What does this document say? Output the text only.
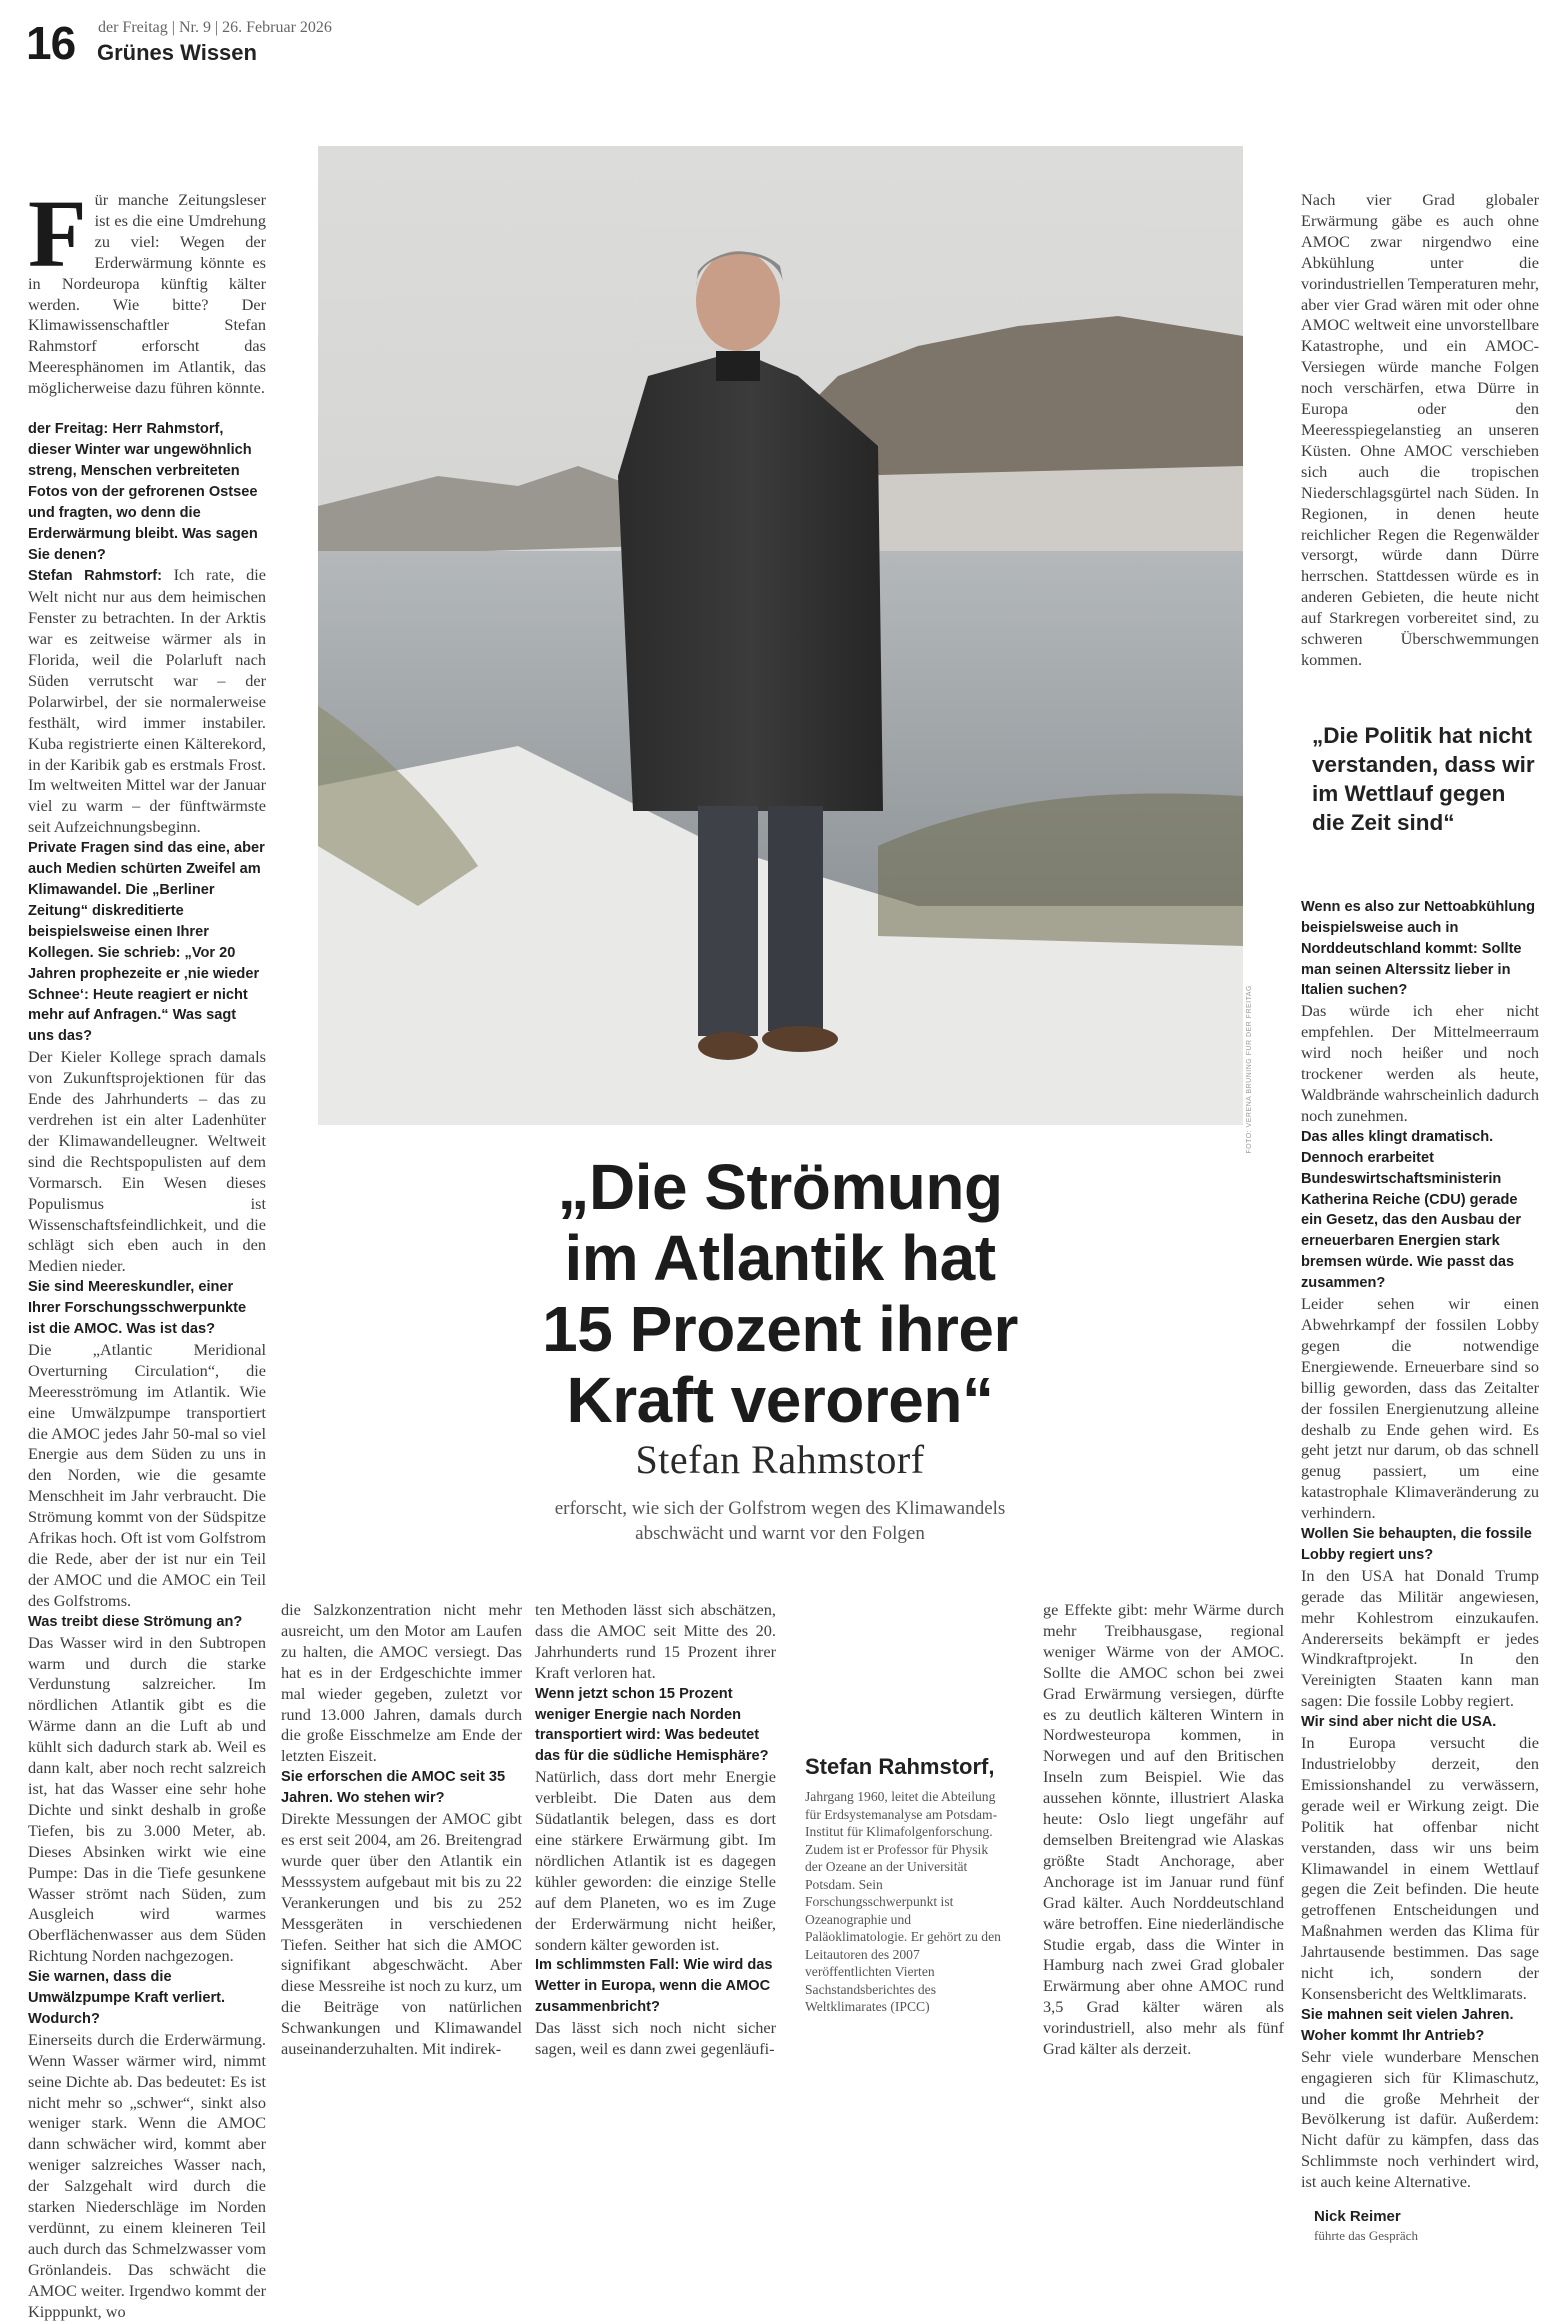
16 der Freitag | Nr. 9 | 26. Februar 2026
Grünes Wissen

Für manche Zeitungsleser ist es die eine Umdrehung zu viel: Wegen der Erderwärmung könnte es in Nordeuropa künftig kälter werden. Wie bitte? Der Klimawissenschaftler Stefan Rahmstorf erforscht das Meeresphänomen im Atlantik, das möglicherweise dazu führen könnte.

der Freitag: Herr Rahmstorf, dieser Winter war ungewöhnlich streng, Menschen verbreiteten Fotos von der gefrorenen Ostsee und fragten, wo denn die Erderwärmung bleibt. Was sagen Sie denen?

Stefan Rahmstorf: Ich rate, die Welt nicht nur aus dem heimischen Fenster zu betrachten. In der Arktis war es zeitweise wärmer als in Florida, weil die Polarluft nach Süden verrutscht war – der Polarwirbel, der sie normalerweise festhält, wird immer instabiler. Kuba registrierte einen Kälterekord, in der Karibik gab es erstmals Frost. Im weltweiten Mittel war der Januar viel zu warm – der fünftwärmste seit Aufzeichnungsbeginn.

Private Fragen sind das eine, aber auch Medien schürten Zweifel am Klimawandel. Die „Berliner Zeitung“ diskreditierte beispielsweise einen Ihrer Kollegen. Sie schrieb: „Vor 20 Jahren prophezeite er ‚nie wieder Schnee‘: Heute reagiert er nicht mehr auf Anfragen.“ Was sagt uns das?

Der Kieler Kollege sprach damals von Zukunftsprojektionen für das Ende des Jahrhunderts – das zu verdrehen ist ein alter Ladenhüter der Klimawandelleugner. Weltweit sind die Rechtspopulisten auf dem Vormarsch. Ein Wesen dieses Populismus ist Wissenschaftsfeindlichkeit, und die schlägt sich eben auch in den Medien nieder.

Sie sind Meereskundler, einer Ihrer Forschungsschwerpunkte ist die AMOC. Was ist das?

Die „Atlantic Meridional Overturning Circulation“, die Meeresströmung im Atlantik. Wie eine Umwälzpumpe transportiert die AMOC jedes Jahr 50-mal so viel Energie aus dem Süden zu uns in den Norden, wie die gesamte Menschheit im Jahr verbraucht. Die Strömung kommt von der Südspitze Afrikas hoch. Oft ist vom Golfstrom die Rede, aber der ist nur ein Teil der AMOC und die AMOC ein Teil des Golfstroms.

Was treibt diese Strömung an?

Das Wasser wird in den Subtropen warm und durch die starke Verdunstung salzreicher. Im nördlichen Atlantik gibt es die Wärme dann an die Luft ab und kühlt sich dadurch stark ab. Weil es dann kalt, aber noch recht salzreich ist, hat das Wasser eine sehr hohe Dichte und sinkt deshalb in große Tiefen, bis zu 3.000 Meter, ab. Dieses Absinken wirkt wie eine Pumpe: Das in die Tiefe gesunkene Wasser strömt nach Süden, zum Ausgleich wird warmes Oberflächenwasser aus dem Süden Richtung Norden nachgezogen.

Sie warnen, dass die Umwälzpumpe Kraft verliert. Wodurch?

Einerseits durch die Erderwärmung. Wenn Wasser wärmer wird, nimmt seine Dichte ab. Das bedeutet: Es ist nicht mehr so „schwer“, sinkt also weniger stark. Wenn die AMOC dann schwächer wird, kommt aber weniger salzreiches Wasser nach, der Salzgehalt wird durch die starken Niederschläge im Norden verdünnt, zu einem kleineren Teil auch durch das Schmelzwasser vom Grönlandeis. Das schwächt die AMOC weiter. Irgendwo kommt der Kipppunkt, wo

FOTO: VERENA BRÜNING FÜR DER FREITAG
„Die Strömung
im Atlantik hat
15 Prozent ihrer
Kraft veroren“
Stefan Rahmstorf
erforscht, wie sich der Golfstrom wegen des Klimawandels
abschwächt und warnt vor den Folgen

Nach vier Grad globaler Erwärmung gäbe es auch ohne AMOC zwar nirgendwo eine Abkühlung unter die vorindustriellen Temperaturen mehr, aber vier Grad wären mit oder ohne AMOC weltweit eine unvorstellbare Katastrophe, und ein AMOC-Versiegen würde manche Folgen noch verschärfen, etwa Dürre in Europa oder den Meeresspiegelanstieg an unseren Küsten. Ohne AMOC verschieben sich auch die tropischen Niederschlagsgürtel nach Süden. In Regionen, in denen heute reichlicher Regen die Regenwälder versorgt, würde dann Dürre herrschen. Stattdessen würde es in anderen Gebieten, die heute nicht auf Starkregen vorbereitet sind, zu schweren Überschwemmungen kommen.

„Die Politik hat nicht verstanden, dass wir im Wettlauf gegen die Zeit sind“

Wenn es also zur Nettoabkühlung beispielsweise auch in Norddeutschland kommt: Sollte man seinen Alterssitz lieber in Italien suchen?

Das würde ich eher nicht empfehlen. Der Mittelmeerraum wird noch heißer und noch trockener werden als heute, Waldbrände wahrscheinlich dadurch noch zunehmen.

Das alles klingt dramatisch. Dennoch erarbeitet Bundeswirtschaftsministerin Katherina Reiche (CDU) gerade ein Gesetz, das den Ausbau der erneuerbaren Energien stark bremsen würde. Wie passt das zusammen?

Leider sehen wir einen Abwehrkampf der fossilen Lobby gegen die notwendige Energiewende. Erneuerbare sind so billig geworden, dass das Zeitalter der fossilen Energienutzung alleine deshalb zu Ende gehen wird. Es geht jetzt nur darum, ob das schnell genug passiert, um eine katastrophale Klimaveränderung zu verhindern.

Wollen Sie behaupten, die fossile Lobby regiert uns?

In den USA hat Donald Trump gerade das Militär angewiesen, mehr Kohlestrom einzukaufen. Andererseits bekämpft er jedes Windkraftprojekt. In den Vereinigten Staaten kann man sagen: Die fossile Lobby regiert.

Wir sind aber nicht die USA.

In Europa versucht die Industrielobby derzeit, den Emissionshandel zu verwässern, gerade weil er Wirkung zeigt. Die Politik hat offenbar nicht verstanden, dass wir uns beim Klimawandel in einem Wettlauf gegen die Zeit befinden. Die heute getroffenen Entscheidungen und Maßnahmen werden das Klima für Jahrtausende bestimmen. Das sage nicht ich, sondern der Konsensbericht des Weltklimarats.

Sie mahnen seit vielen Jahren. Woher kommt Ihr Antrieb?

Sehr viele wunderbare Menschen engagieren sich für Klimaschutz, und die große Mehrheit der Bevölkerung ist dafür. Außerdem: Nicht dafür zu kämpfen, dass das Schlimmste noch verhindert wird, ist auch keine Alternative.

Nick Reimer
führte das Gespräch

die Salzkonzentration nicht mehr ausreicht, um den Motor am Laufen zu halten, die AMOC versiegt. Das hat es in der Erdgeschichte immer mal wieder gegeben, zuletzt vor rund 13.000 Jahren, damals durch die große Eisschmelze am Ende der letzten Eiszeit.

Sie erforschen die AMOC seit 35 Jahren. Wo stehen wir?

Direkte Messungen der AMOC gibt es erst seit 2004, am 26. Breitengrad wurde quer über den Atlantik ein Messsystem aufgebaut mit bis zu 22 Verankerungen und bis zu 252 Messgeräten in verschiedenen Tiefen. Seither hat sich die AMOC signifikant abgeschwächt. Aber diese Messreihe ist noch zu kurz, um die Beiträge von natürlichen Schwankungen und Klimawandel auseinanderzuhalten. Mit indirek-

ten Methoden lässt sich abschätzen, dass die AMOC seit Mitte des 20. Jahrhunderts rund 15 Prozent ihrer Kraft verloren hat.

Wenn jetzt schon 15 Prozent weniger Energie nach Norden transportiert wird: Was bedeutet das für die südliche Hemisphäre?

Natürlich, dass dort mehr Energie verbleibt. Die Daten aus dem Südatlantik belegen, dass es dort eine stärkere Erwärmung gibt. Im nördlichen Atlantik ist es dagegen kühler geworden: die einzige Stelle auf dem Planeten, wo es im Zuge der Erderwärmung nicht heißer, sondern kälter geworden ist.

Im schlimmsten Fall: Wie wird das Wetter in Europa, wenn die AMOC zusammenbricht?

Das lässt sich noch nicht sicher sagen, weil es dann zwei gegenläufi-

Stefan Rahmstorf,
Jahrgang 1960, leitet die Abteilung für Erdsystemanalyse am Potsdam-Institut für Klimafolgenforschung. Zudem ist er Professor für Physik der Ozeane an der Universität Potsdam. Sein Forschungsschwerpunkt ist Ozeanographie und Paläoklimatologie. Er gehört zu den Leitautoren des 2007 veröffentlichten Vierten Sachstandsberichtes des Weltklimarates (IPCC)

ge Effekte gibt: mehr Wärme durch mehr Treibhausgase, regional weniger Wärme von der AMOC. Sollte die AMOC schon bei zwei Grad Erwärmung versiegen, dürfte es zu deutlich kälteren Wintern in Nordwesteuropa kommen, in Norwegen und auf den Britischen Inseln zum Beispiel. Wie das aussehen könnte, illustriert Alaska heute: Oslo liegt ungefähr auf demselben Breitengrad wie Alaskas größte Stadt Anchorage, aber Anchorage ist im Januar rund fünf Grad kälter. Auch Norddeutschland wäre betroffen. Eine niederländische Studie ergab, dass die Winter in Hamburg nach zwei Grad globaler Erwärmung aber ohne AMOC rund 3,5 Grad kälter wären als vorindustriell, also mehr als fünf Grad kälter als derzeit.
